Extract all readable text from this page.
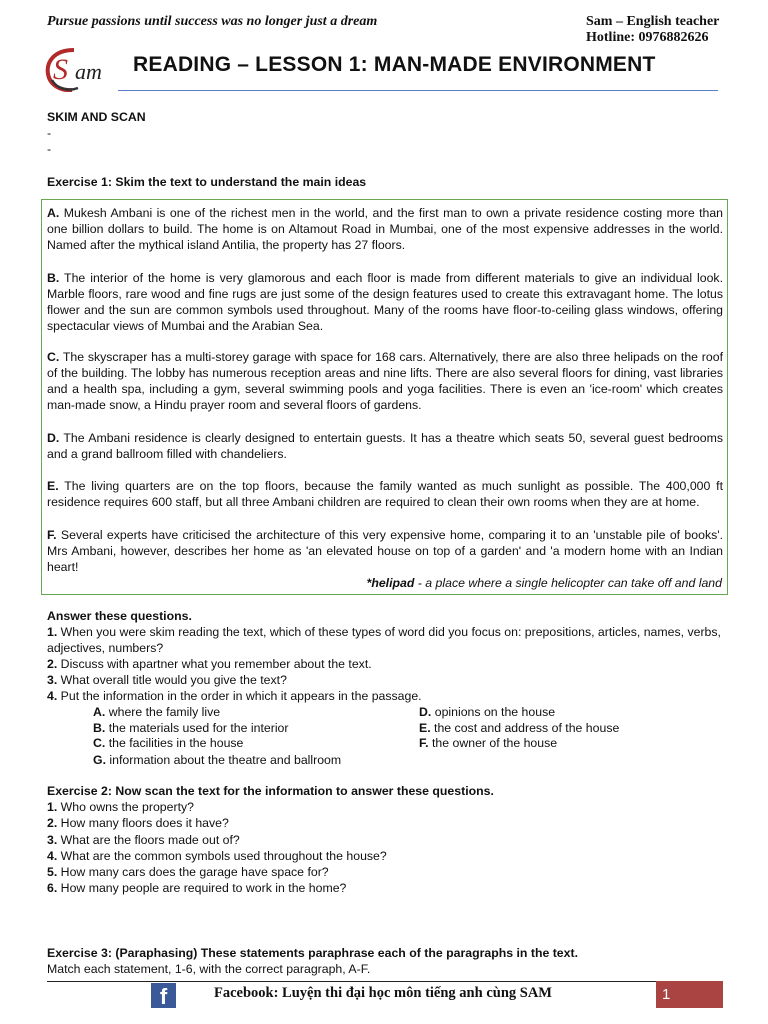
Pursue passions until success was no longer just a dream	Sam – English teacher
Hotline: 0976882626
S am READING – LESSON 1: MAN-MADE ENVIRONMENT
SKIM AND SCAN
-
-
Exercise 1: Skim the text to understand the main ideas
A. Mukesh Ambani is one of the richest men in the world, and the first man to own a private residence costing more than one billion dollars to build. The home is on Altamout Road in Mumbai, one of the most expensive addresses in the world. Named after the mythical island Antilia, the property has 27 floors.
B. The interior of the home is very glamorous and each floor is made from different materials to give an individual look. Marble floors, rare wood and fine rugs are just some of the design features used to create this extravagant home. The lotus flower and the sun are common symbols used throughout. Many of the rooms have floor-to-ceiling glass windows, offering spectacular views of Mumbai and the Arabian Sea.
C. The skyscraper has a multi-storey garage with space for 168 cars. Alternatively, there are also three helipads on the roof of the building. The lobby has numerous reception areas and nine lifts. There are also several floors for dining, vast libraries and a health spa, including a gym, several swimming pools and yoga facilities. There is even an 'ice-room' which creates man-made snow, a Hindu prayer room and several floors of gardens.
D. The Ambani residence is clearly designed to entertain guests. It has a theatre which seats 50, several guest bedrooms and a grand ballroom filled with chandeliers.
E. The living quarters are on the top floors, because the family wanted as much sunlight as possible. The 400,000 ft residence requires 600 staff, but all three Ambani children are required to clean their own rooms when they are at home.
F. Several experts have criticised the architecture of this very expensive home, comparing it to an 'unstable pile of books'. Mrs Ambani, however, describes her home as 'an elevated house on top of a garden' and 'a modern home with an Indian heart!
*helipad - a place where a single helicopter can take off and land
Answer these questions.
1. When you were skim reading the text, which of these types of word did you focus on: prepositions, articles, names, verbs, adjectives, numbers?
2. Discuss with apartner what you remember about the text.
3. What overall title would you give the text?
4. Put the information in the order in which it appears in the passage.
A. where the family live	D. opinions on the house
B. the materials used for the interior	E. the cost and address of the house
C. the facilities in the house	F. the owner of the house
G. information about the theatre and ballroom
Exercise 2: Now scan the text for the information to answer these questions.
1. Who owns the property?
2. How many floors does it have?
3. What are the floors made out of?
4. What are the common symbols used throughout the house?
5. How many cars does the garage have space for?
6. How many people are required to work in the home?
Exercise 3: (Paraphasing) These statements paraphrase each of the paragraphs in the text.
Match each statement, 1-6, with the correct paragraph, A-F.
f	Facebook: Luyện thi đại học môn tiếng anh cùng SAM	1
